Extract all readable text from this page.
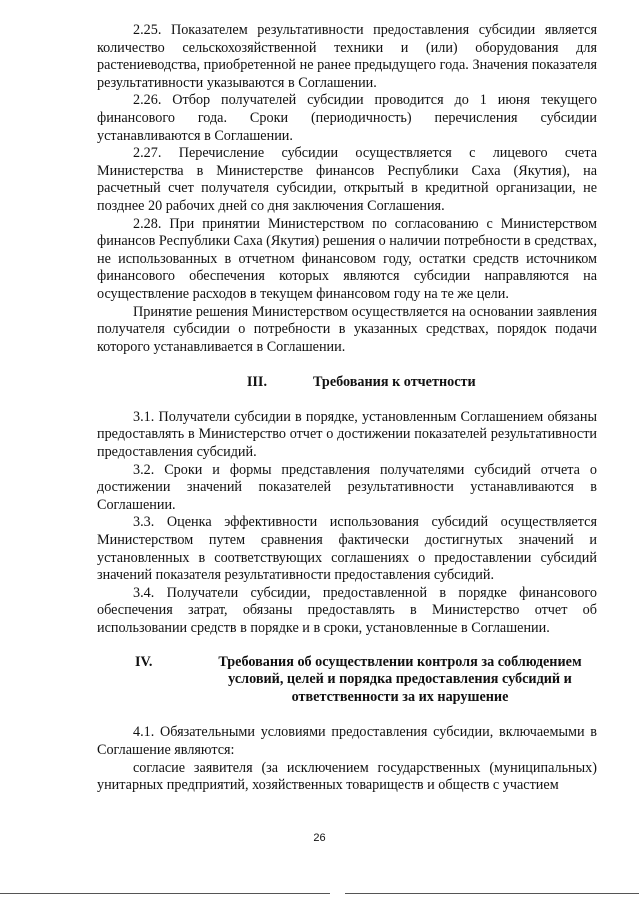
2.25. Показателем результативности предоставления субсидии является количество сельскохозяйственной техники и (или) оборудования для растениеводства, приобретенной не ранее предыдущего года. Значения показателя результативности указываются в Соглашении.

2.26. Отбор получателей субсидии проводится до 1 июня текущего финансового года. Сроки (периодичность) перечисления субсидии устанавливаются в Соглашении.

2.27. Перечисление субсидии осуществляется с лицевого счета Министерства в Министерстве финансов Республики Саха (Якутия), на расчетный счет получателя субсидии, открытый в кредитной организации, не позднее 20 рабочих дней со дня заключения Соглашения.

2.28. При принятии Министерством по согласованию с Министерством финансов Республики Саха (Якутия) решения о наличии потребности в средствах, не использованных в отчетном финансовом году, остатки средств источником финансового обеспечения которых являются субсидии направляются на осуществление расходов в текущем финансовом году на те же цели.

Принятие решения Министерством осуществляется на основании заявления получателя субсидии о потребности в указанных средствах, порядок подачи которого устанавливается в Соглашении.

III.	Требования к отчетности

3.1. Получатели субсидии в порядке, установленным Соглашением обязаны предоставлять в Министерство отчет о достижении показателей результативности предоставления субсидий.

3.2. Сроки и формы представления получателями субсидий отчета о достижении значений показателей результативности устанавливаются в Соглашении.

3.3. Оценка эффективности использования субсидий осуществляется Министерством путем сравнения фактически достигнутых значений и установленных в соответствующих соглашениях о предоставлении субсидий значений показателя результативности предоставления субсидий.

3.4. Получатели субсидии, предоставленной в порядке финансового обеспечения затрат, обязаны предоставлять в Министерство отчет об использовании средств в порядке и в сроки, установленные в Соглашении.

IV.	Требования об осуществлении контроля за соблюдением условий, целей и порядка предоставления субсидий и ответственности за их нарушение

4.1. Обязательными условиями предоставления субсидии, включаемыми в Соглашение являются:

согласие заявителя (за исключением государственных (муниципальных) унитарных предприятий, хозяйственных товариществ и обществ с участием

26
